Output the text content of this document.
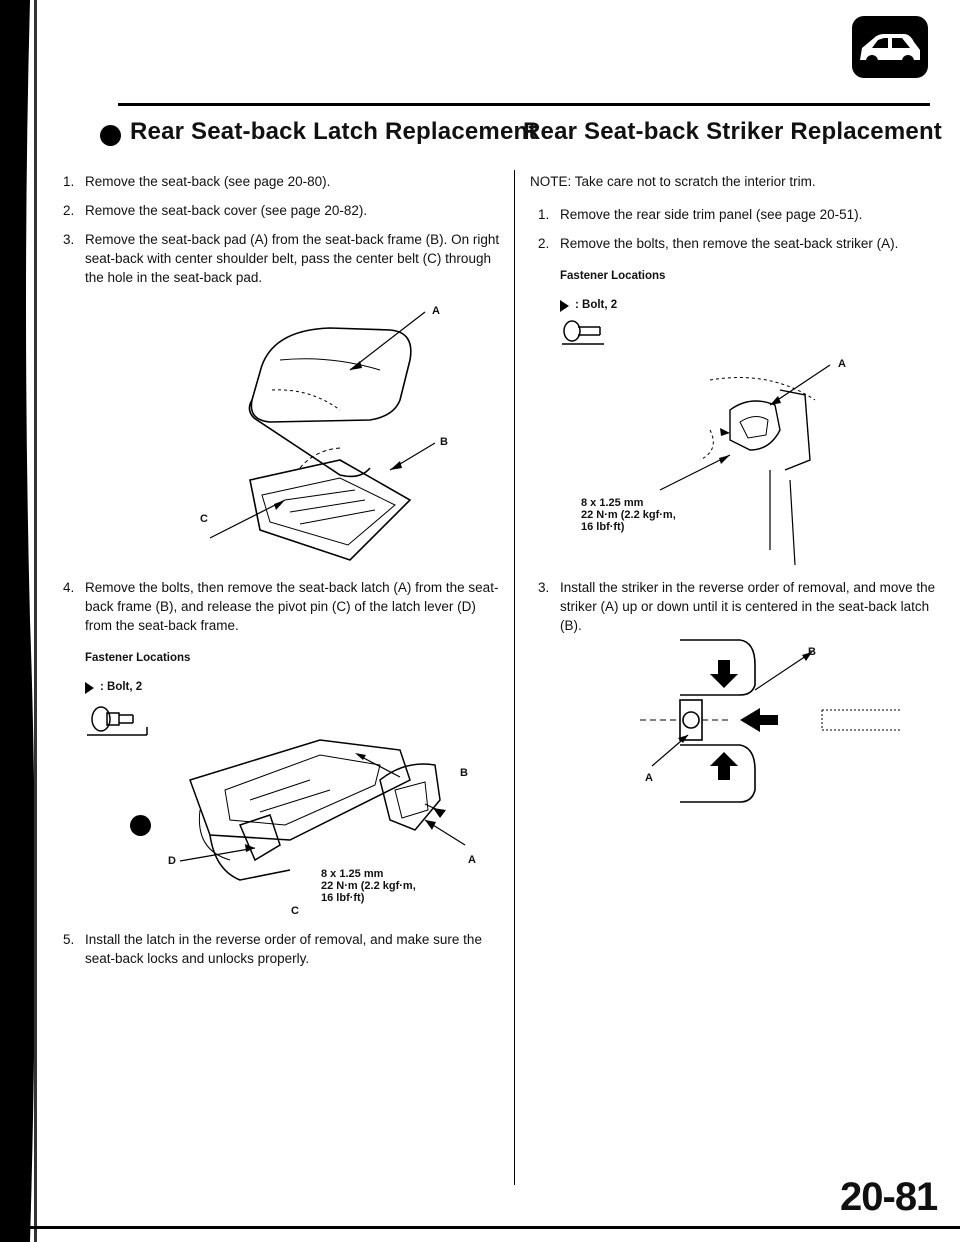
Rear Seat-back Latch Replacement
Rear Seat-back Striker Replacement
1. Remove the seat-back (see page 20-80).
2. Remove the seat-back cover (see page 20-82).
3. Remove the seat-back pad (A) from the seat-back frame (B). On right seat-back with center shoulder belt, pass the center belt (C) through the hole in the seat-back pad.
A
B
C
4. Remove the bolts, then remove the seat-back latch (A) from the seat-back frame (B), and release the pivot pin (C) of the latch lever (D) from the seat-back frame.
Fastener Locations
: Bolt, 2
B
A
D
C
8 x 1.25 mm
22 N·m (2.2 kgf·m,
16 lbf·ft)
5. Install the latch in the reverse order of removal, and make sure the seat-back locks and unlocks properly.
NOTE: Take care not to scratch the interior trim.
1. Remove the rear side trim panel (see page 20-51).
2. Remove the bolts, then remove the seat-back striker (A).
Fastener Locations
: Bolt, 2
A
8 x 1.25 mm
22 N·m (2.2 kgf·m,
16 lbf·ft)
3. Install the striker in the reverse order of removal, and move the striker (A) up or down until it is centered in the seat-back latch (B).
B
A
20-81
